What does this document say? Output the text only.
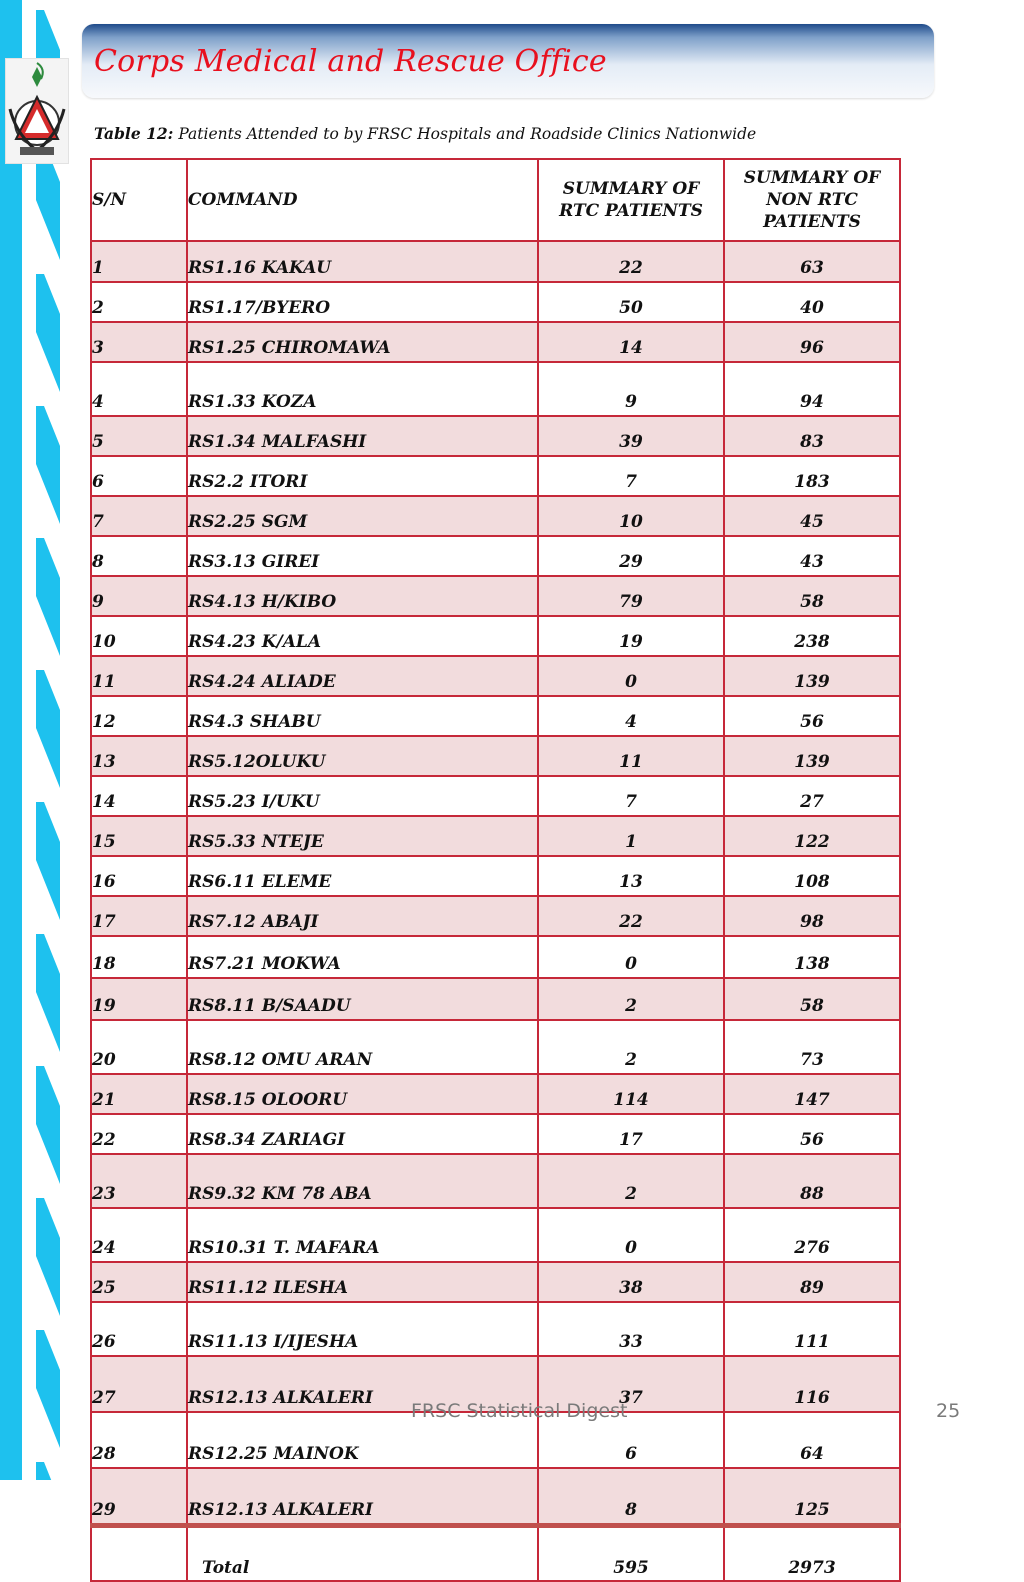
Corps Medical and Rescue Office
Table 12: Patients Attended to by FRSC Hospitals and Roadside Clinics Nationwide
S/N	COMMAND	SUMMARY OF RTC PATIENTS	SUMMARY OF NON RTC PATIENTS
1	RS1.16 KAKAU	22	63
2	RS1.17/BYERO	50	40
3	RS1.25 CHIROMAWA	14	96
4	RS1.33 KOZA	9	94
5	RS1.34 MALFASHI	39	83
6	RS2.2 ITORI	7	183
7	RS2.25 SGM	10	45
8	RS3.13 GIREI	29	43
9	RS4.13 H/KIBO	79	58
10	RS4.23 K/ALA	19	238
11	RS4.24 ALIADE	0	139
12	RS4.3 SHABU	4	56
13	RS5.12OLUKU	11	139
14	RS5.23 I/UKU	7	27
15	RS5.33 NTEJE	1	122
16	RS6.11 ELEME	13	108
17	RS7.12 ABAJI	22	98
18	RS7.21 MOKWA	0	138
19	RS8.11 B/SAADU	2	58
20	RS8.12 OMU ARAN	2	73
21	RS8.15 OLOORU	114	147
22	RS8.34 ZARIAGI	17	56
23	RS9.32 KM 78 ABA	2	88
24	RS10.31 T. MAFARA	0	276
25	RS11.12 ILESHA	38	89
26	RS11.13 I/IJESHA	33	111
27	RS12.13 ALKALERI	37	116
28	RS12.25 MAINOK	6	64
29	RS12.13 ALKALERI	8	125
	Total	595	2973
FRSC Statistical Digest	25
